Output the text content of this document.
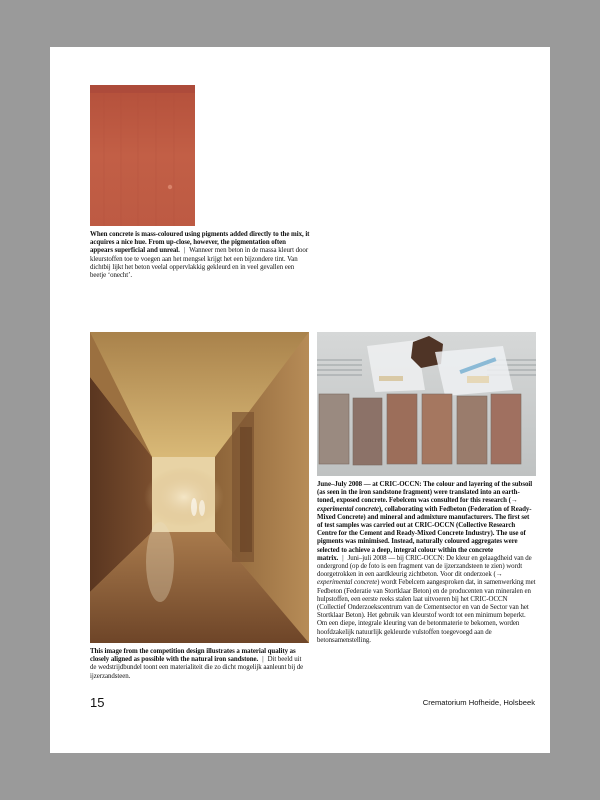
When concrete is mass-coloured using pigments added directly to the mix, it acquires a nice hue. From up-close, however, the pigmentation often appears superficial and unreal. | Wanneer men beton in de massa kleurt door kleurstoffen toe te voegen aan het mengsel krijgt het een bijzondere tint. Van dichtbij lijkt het beton veelal oppervlakkig gekleurd en in veel gevallen een beetje ‘onecht’.
This image from the competition design illustrates a material quality as closely aligned as possible with the natural iron sandstone. | Dit beeld uit de wedstrijdbundel toont een materialiteit die zo dicht mogelijk aanleunt bij de ijzerzandsteen.
June–July 2008 — at CRIC-OCCN: The colour and layering of the subsoil (as seen in the iron sandstone fragment) were translated into an earth-toned, exposed concrete. Febelcem was consulted for this research (→ experimental concrete), collaborating with Fedbeton (Federation of Ready-Mixed Concrete) and mineral and admixture manufacturers. The first set of test samples was carried out at CRIC-OCCN (Collective Research Centre for the Cement and Ready-Mixed Concrete Industry). The use of pigments was minimised. Instead, naturally coloured aggregates were selected to achieve a deep, integral colour within the concrete matrix. | Juni–juli 2008 — bij CRIC-OCCN: De kleur en gelaagdheid van de ondergrond (op de foto is een fragment van de ijzerzandsteen te zien) wordt doorgetrokken in een aardkleurig zichtbeton. Voor dit onderzoek (→ experimental concrete) wordt Febelcem aangesproken dat, in samenwerking met Fedbeton (Federatie van Stortklaar Beton) en de producenten van mineralen en hulpstoffen, een eerste reeks stalen laat uitvoeren bij het CRIC-OCCN (Collectief Onderzoekscentrum van de Cementsector en van de Sector van het Stortklaar Beton). Het gebruik van kleurstof wordt tot een minimum beperkt. Om een diepe, integrale kleuring van de betonmaterie te bekomen, worden hoofdzakelijk natuurlijk gekleurde vulstoffen toegevoegd aan de betonsamenstelling.
15	Crematorium Hofheide, Holsbeek
